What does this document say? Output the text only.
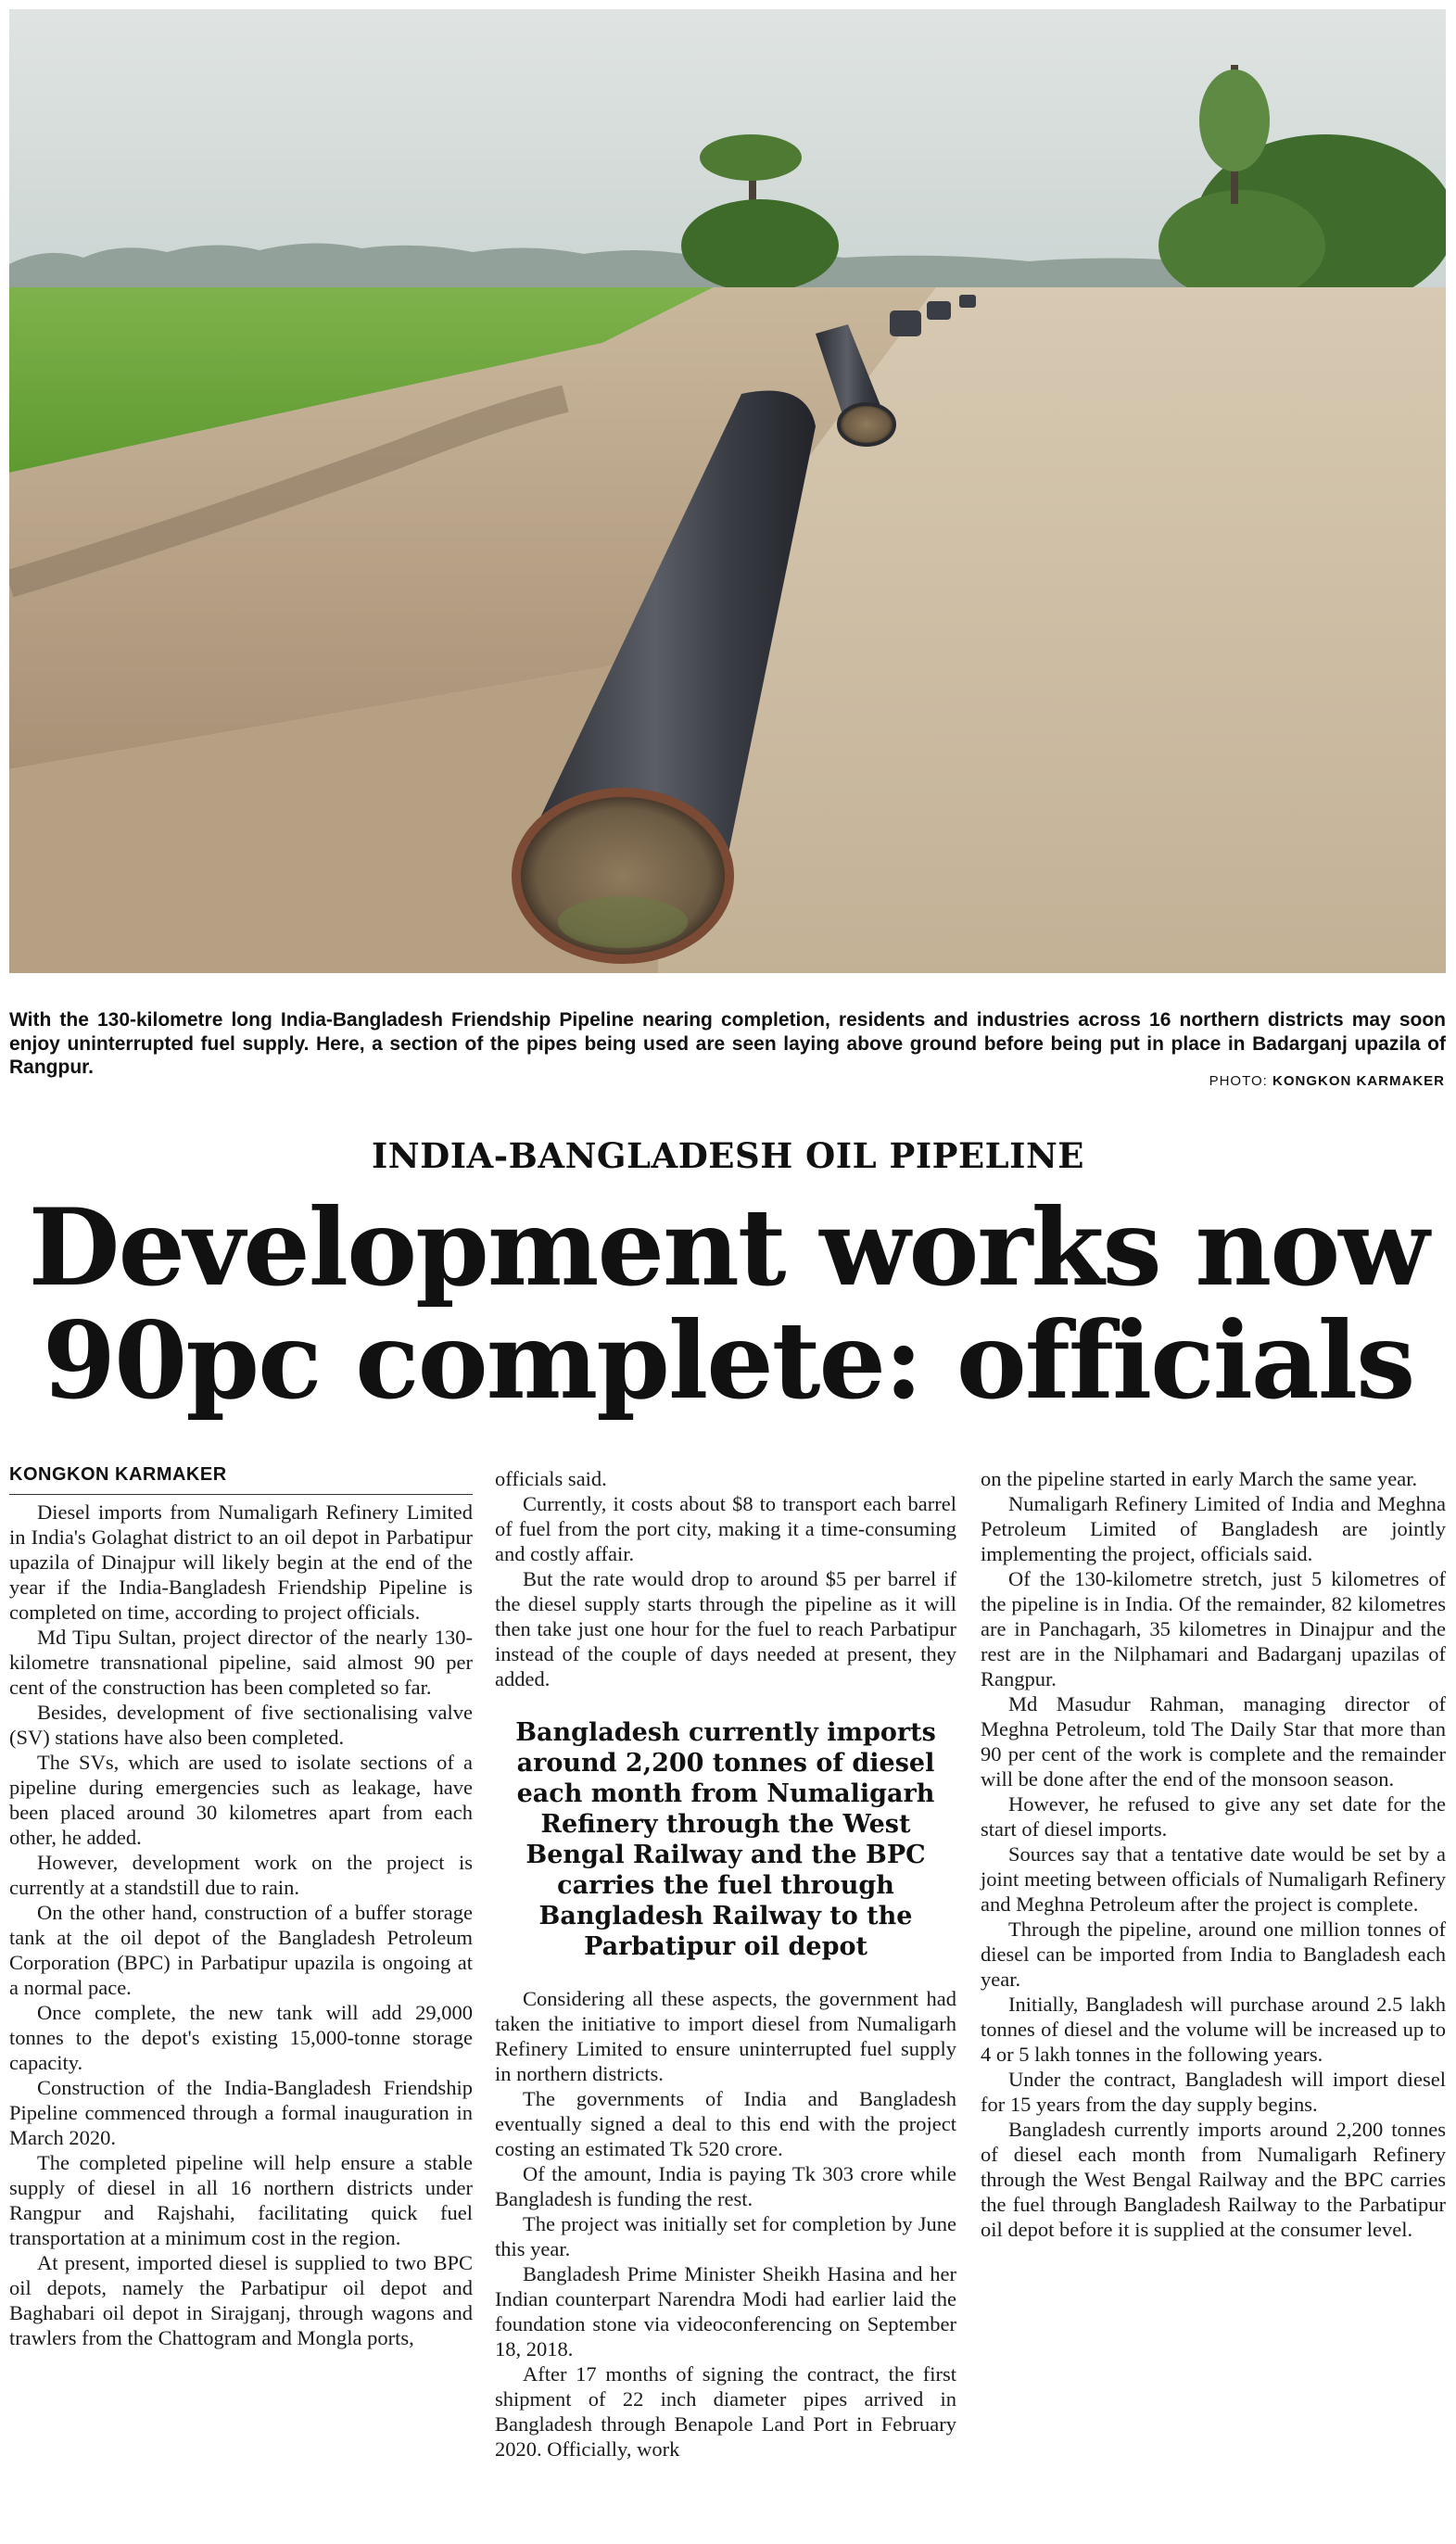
With the 130-kilometre long India-Bangladesh Friendship Pipeline nearing completion, residents and industries across 16 northern districts may soon enjoy uninterrupted fuel supply. Here, a section of the pipes being used are seen laying above ground before being put in place in Badarganj upazila of Rangpur.
PHOTO: KONGKON KARMAKER
INDIA-BANGLADESH OIL PIPELINE
Development works now
90pc complete: officials
KONGKON KARMAKER

Diesel imports from Numaligarh Refinery Limited in India's Golaghat district to an oil depot in Parbatipur upazila of Dinajpur will likely begin at the end of the year if the India-Bangladesh Friendship Pipeline is completed on time, according to project officials.

Md Tipu Sultan, project director of the nearly 130-kilometre transnational pipeline, said almost 90 per cent of the construction has been completed so far.

Besides, development of five sectionalising valve (SV) stations have also been completed.

The SVs, which are used to isolate sections of a pipeline during emergencies such as leakage, have been placed around 30 kilometres apart from each other, he added.

However, development work on the project is currently at a standstill due to rain.

On the other hand, construction of a buffer storage tank at the oil depot of the Bangladesh Petroleum Corporation (BPC) in Parbatipur upazila is ongoing at a normal pace.

Once complete, the new tank will add 29,000 tonnes to the depot's existing 15,000-tonne storage capacity.

Construction of the India-Bangladesh Friendship Pipeline commenced through a formal inauguration in March 2020.

The completed pipeline will help ensure a stable supply of diesel in all 16 northern districts under Rangpur and Rajshahi, facilitating quick fuel transportation at a minimum cost in the region.

At present, imported diesel is supplied to two BPC oil depots, namely the Parbatipur oil depot and Baghabari oil depot in Sirajganj, through wagons and trawlers from the Chattogram and Mongla ports,

officials said.

Currently, it costs about $8 to transport each barrel of fuel from the port city, making it a time-consuming and costly affair.

But the rate would drop to around $5 per barrel if the diesel supply starts through the pipeline as it will then take just one hour for the fuel to reach Parbatipur instead of the couple of days needed at present, they added.

Bangladesh currently imports around 2,200 tonnes of diesel each month from Numaligarh Refinery through the West Bengal Railway and the BPC carries the fuel through Bangladesh Railway to the Parbatipur oil depot

Considering all these aspects, the government had taken the initiative to import diesel from Numaligarh Refinery Limited to ensure uninterrupted fuel supply in northern districts.

The governments of India and Bangladesh eventually signed a deal to this end with the project costing an estimated Tk 520 crore.

Of the amount, India is paying Tk 303 crore while Bangladesh is funding the rest.

The project was initially set for completion by June this year.

Bangladesh Prime Minister Sheikh Hasina and her Indian counterpart Narendra Modi had earlier laid the foundation stone via videoconferencing on September 18, 2018.

After 17 months of signing the contract, the first shipment of 22 inch diameter pipes arrived in Bangladesh through Benapole Land Port in February 2020. Officially, work

on the pipeline started in early March the same year.

Numaligarh Refinery Limited of India and Meghna Petroleum Limited of Bangladesh are jointly implementing the project, officials said.

Of the 130-kilometre stretch, just 5 kilometres of the pipeline is in India. Of the remainder, 82 kilometres are in Panchagarh, 35 kilometres in Dinajpur and the rest are in the Nilphamari and Badarganj upazilas of Rangpur.

Md Masudur Rahman, managing director of Meghna Petroleum, told The Daily Star that more than 90 per cent of the work is complete and the remainder will be done after the end of the monsoon season.

However, he refused to give any set date for the start of diesel imports.

Sources say that a tentative date would be set by a joint meeting between officials of Numaligarh Refinery and Meghna Petroleum after the project is complete.

Through the pipeline, around one million tonnes of diesel can be imported from India to Bangladesh each year.

Initially, Bangladesh will purchase around 2.5 lakh tonnes of diesel and the volume will be increased up to 4 or 5 lakh tonnes in the following years.

Under the contract, Bangladesh will import diesel for 15 years from the day supply begins.

Bangladesh currently imports around 2,200 tonnes of diesel each month from Numaligarh Refinery through the West Bengal Railway and the BPC carries the fuel through Bangladesh Railway to the Parbatipur oil depot before it is supplied at the consumer level.
